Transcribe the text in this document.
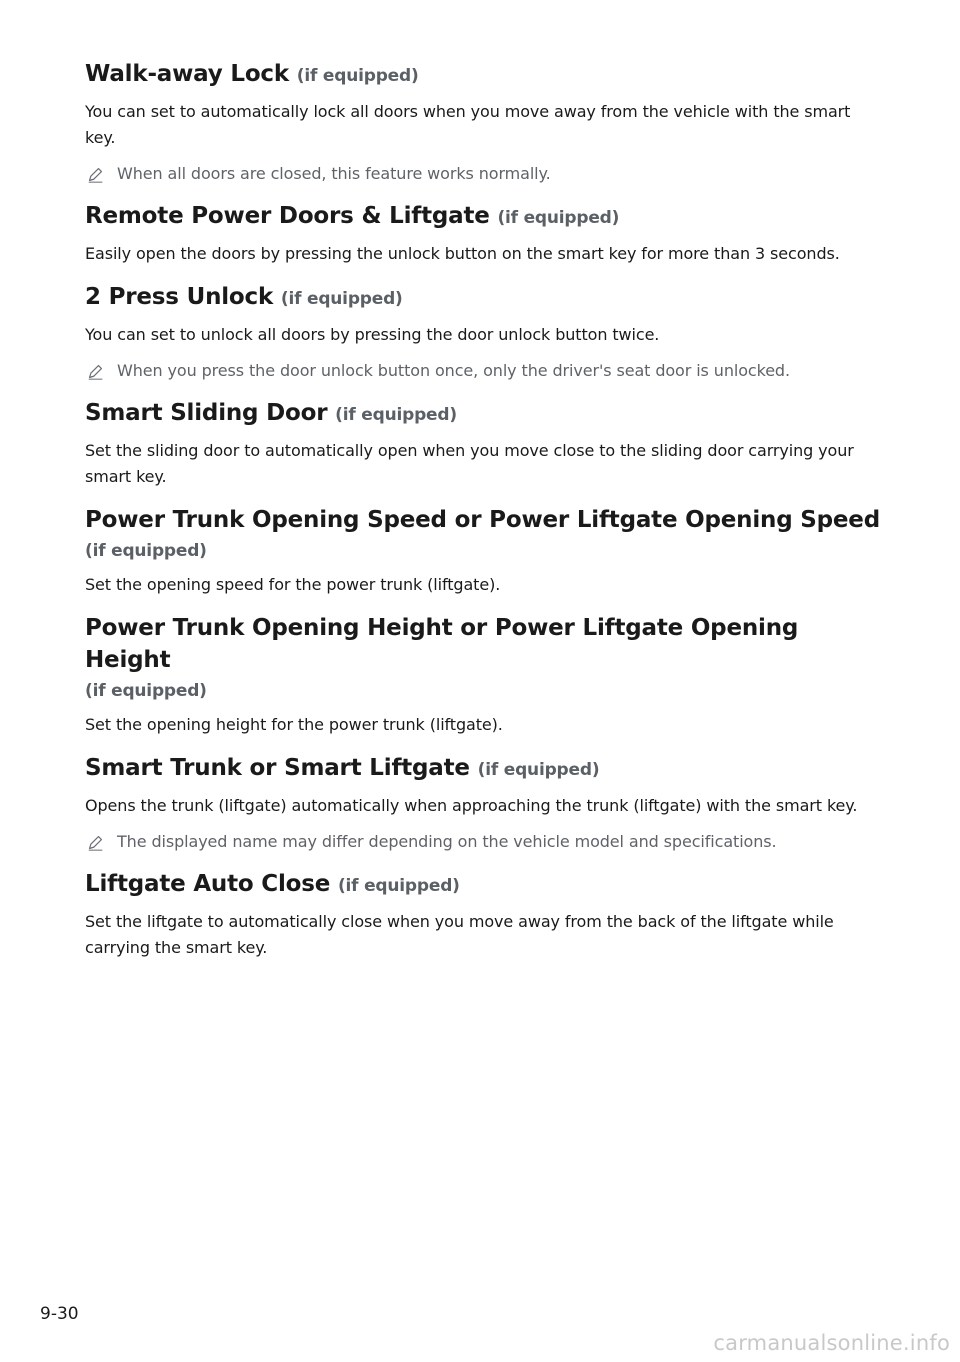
Walk-away Lock (if equipped)

You can set to automatically lock all doors when you move away from the vehicle with the smart key.

When all doors are closed, this feature works normally.
Remote Power Doors & Liftgate (if equipped)

Easily open the doors by pressing the unlock button on the smart key for more than 3 seconds.

2 Press Unlock (if equipped)

You can set to unlock all doors by pressing the door unlock button twice.

When you press the door unlock button once, only the driver's seat door is unlocked.
Smart Sliding Door (if equipped)

Set the sliding door to automatically open when you move close to the sliding door carrying your smart key.

Power Trunk Opening Speed or Power Liftgate Opening Speed
(if equipped)

Set the opening speed for the power trunk (liftgate).

Power Trunk Opening Height or Power Liftgate Opening Height
(if equipped)

Set the opening height for the power trunk (liftgate).

Smart Trunk or Smart Liftgate (if equipped)

Opens the trunk (liftgate) automatically when approaching the trunk (liftgate) with the smart key.

The displayed name may differ depending on the vehicle model and specifications.
Liftgate Auto Close (if equipped)

Set the liftgate to automatically close when you move away from the back of the liftgate while carrying the smart key.

9-30
carmanualsonline.info
